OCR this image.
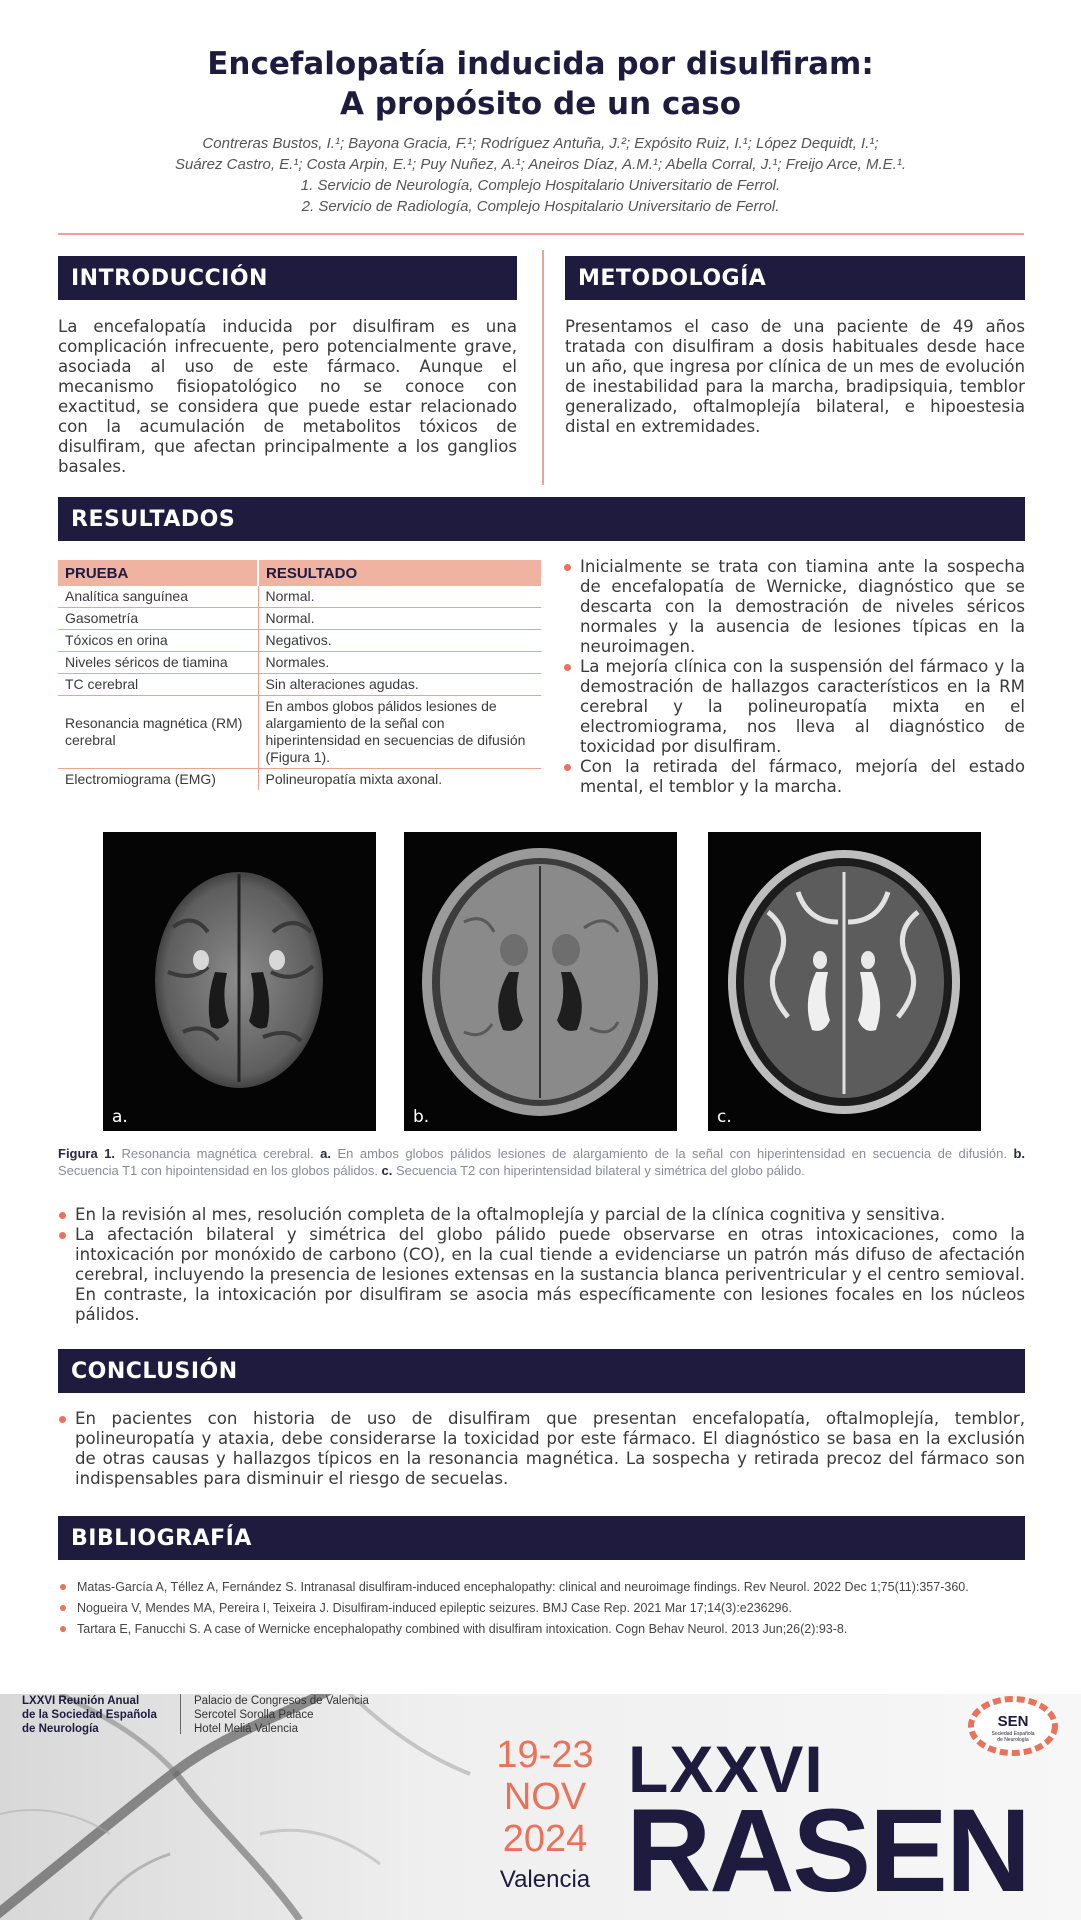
Encefalopatía inducida por disulfiram:
A propósito de un caso
Contreras Bustos, I.¹; Bayona Gracia, F.¹; Rodríguez Antuña, J.²; Expósito Ruiz, I.¹; López Dequidt, I.¹;
Suárez Castro, E.¹; Costa Arpin, E.¹; Puy Nuñez, A.¹; Aneiros Díaz, A.M.¹; Abella Corral, J.¹; Freijo Arce, M.E.¹.
1. Servicio de Neurología, Complejo Hospitalario Universitario de Ferrol.
2. Servicio de Radiología, Complejo Hospitalario Universitario de Ferrol.
INTRODUCCIÓN
La encefalopatía inducida por disulfiram es una complicación infrecuente, pero potencialmente grave, asociada al uso de este fármaco. Aunque el mecanismo fisiopatológico no se conoce con exactitud, se considera que puede estar relacionado con la acumulación de metabolitos tóxicos de disulfiram, que afectan principalmente a los ganglios basales.
METODOLOGÍA
Presentamos el caso de una paciente de 49 años tratada con disulfiram a dosis habituales desde hace un año, que ingresa por clínica de un mes de evolución de inestabilidad para la marcha, bradipsiquia, temblor generalizado, oftalmoplejía bilateral, e hipoestesia distal en extremidades.
RESULTADOS
PRUEBA	RESULTADO
Analítica sanguínea	Normal.
Gasometría	Normal.
Tóxicos en orina	Negativos.
Niveles séricos de tiamina	Normales.
TC cerebral	Sin alteraciones agudas.
Resonancia magnética (RM) cerebral	En ambos globos pálidos lesiones de alargamiento de la señal con hiperintensidad en secuencias de difusión (Figura 1).
Electromiograma (EMG)	Polineuropatía mixta axonal.
Inicialmente se trata con tiamina ante la sospecha de encefalopatía de Wernicke, diagnóstico que se descarta con la demostración de niveles séricos normales y la ausencia de lesiones típicas en la neuroimagen.
La mejoría clínica con la suspensión del fármaco y la demostración de hallazgos característicos en la RM cerebral y la polineuropatía mixta en el electromiograma, nos lleva al diagnóstico de toxicidad por disulfiram.
Con la retirada del fármaco, mejoría del estado mental, el temblor y la marcha.
a.	b.	c.
Figura 1. Resonancia magnética cerebral. a. En ambos globos pálidos lesiones de alargamiento de la señal con hiperintensidad en secuencia de difusión. b. Secuencia T1 con hipointensidad en los globos pálidos. c. Secuencia T2 con hiperintensidad bilateral y simétrica del globo pálido.
En la revisión al mes, resolución completa de la oftalmoplejía y parcial de la clínica cognitiva y sensitiva.
La afectación bilateral y simétrica del globo pálido puede observarse en otras intoxicaciones, como la intoxicación por monóxido de carbono (CO), en la cual tiende a evidenciarse un patrón más difuso de afectación cerebral, incluyendo la presencia de lesiones extensas en la sustancia blanca periventricular y el centro semioval. En contraste, la intoxicación por disulfiram se asocia más específicamente con lesiones focales en los núcleos pálidos.
CONCLUSIÓN
En pacientes con historia de uso de disulfiram que presentan encefalopatía, oftalmoplejía, temblor, polineuropatía y ataxia, debe considerarse la toxicidad por este fármaco. El diagnóstico se basa en la exclusión de otras causas y hallazgos típicos en la resonancia magnética. La sospecha y retirada precoz del fármaco son indispensables para disminuir el riesgo de secuelas.
BIBLIOGRAFÍA
Matas-García A, Téllez A, Fernández S. Intranasal disulfiram-induced encephalopathy: clinical and neuroimage findings. Rev Neurol. 2022 Dec 1;75(11):357-360.
Nogueira V, Mendes MA, Pereira I, Teixeira J. Disulfiram-induced epileptic seizures. BMJ Case Rep. 2021 Mar 17;14(3):e236296.
Tartara E, Fanucchi S. A case of Wernicke encephalopathy combined with disulfiram intoxication. Cogn Behav Neurol. 2013 Jun;26(2):93-8.
LXXVI Reunión Anual
de la Sociedad Española
de Neurología
Palacio de Congresos de Valencia
Sercotel Sorolla Palace
Hotel Meliá Valencia
19-23
NOV
2024
Valencia
LXXVI
RASEN
SEN
Sociedad Española
de Neurología
